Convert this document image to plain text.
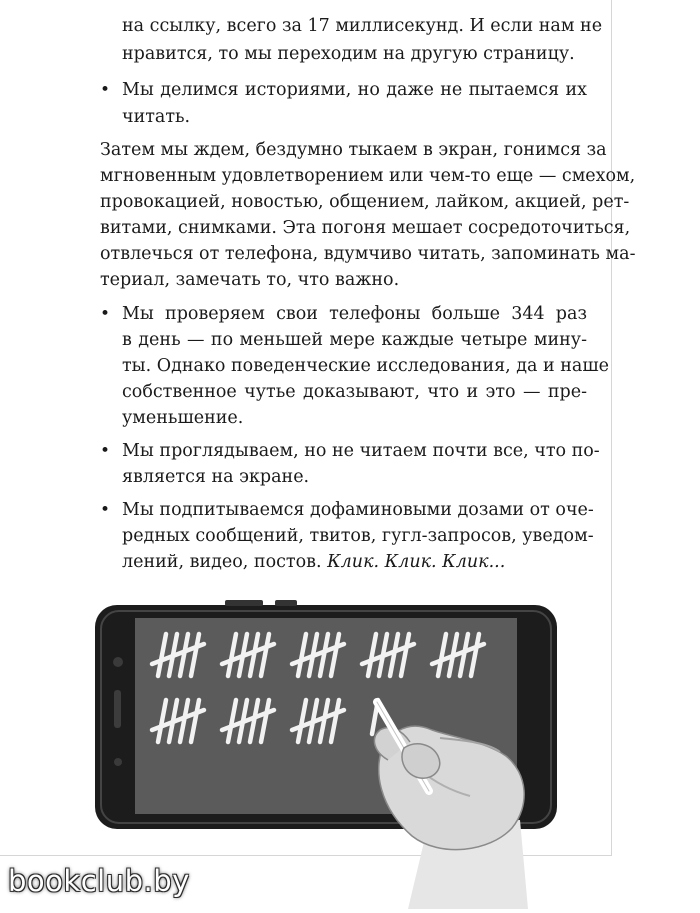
на ссылку, всего за 17 миллисекунд. И если нам не
нравится, то мы переходим на другую страницу.
• Мы делимся историями, но даже не пытаемся их
читать.
Затем мы ждем, бездумно тыкаем в экран, гонимся за
мгновенным удовлетворением или чем-то еще — смехом,
провокацией, новостью, общением, лайком, акцией, рет-
витами, снимками. Эта погоня мешает сосредоточиться,
отвлечься от телефона, вдумчиво читать, запоминать ма-
териал, замечать то, что важно.
• Мы проверяем свои телефоны больше 344 раз
в день — по меньшей мере каждые четыре мину-
ты. Однако поведенческие исследования, да и наше
собственное чутье доказывают, что и это — пре-
уменьшение.
• Мы проглядываем, но не читаем почти все, что по-
является на экране.
• Мы подпитываемся дофаминовыми дозами от оче-
редных сообщений, твитов, гугл-запросов, уведом-
лений, видео, постов. Клик. Клик. Клик...
bookclub.by
